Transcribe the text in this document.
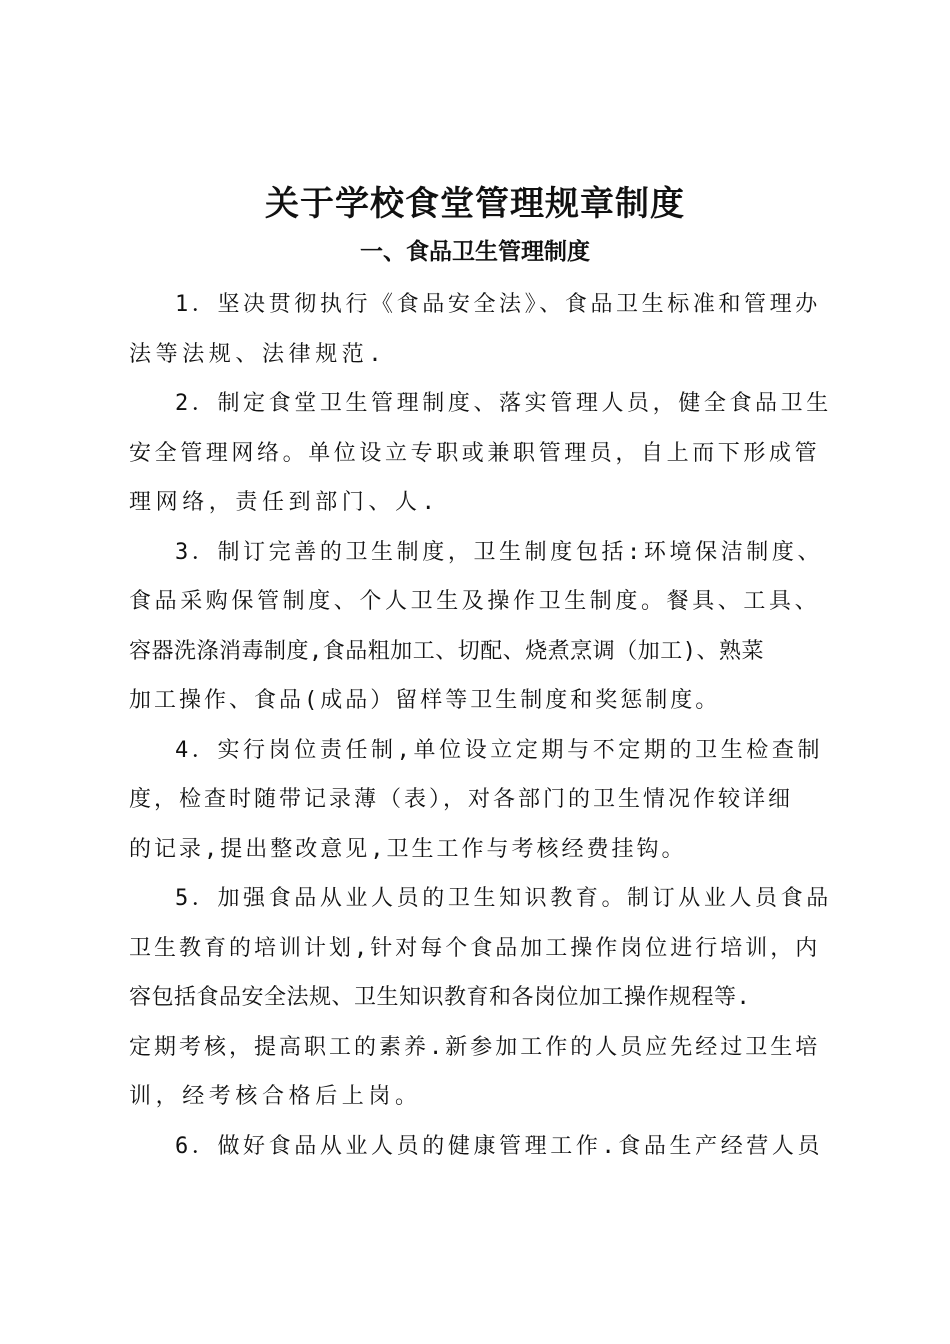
关于学校食堂管理规章制度
一、食品卫生管理制度

1．坚决贯彻执行《食品安全法》、食品卫生标准和管理办
法等法规、法律规范.

2．制定食堂卫生管理制度、落实管理人员，健全食品卫生
安全管理网络。单位设立专职或兼职管理员，自上而下形成管
理网络，责任到部门、人.

3．制订完善的卫生制度，卫生制度包括:环境保洁制度、
食品采购保管制度、个人卫生及操作卫生制度。餐具、工具、
容器洗涤消毒制度,食品粗加工、切配、烧煮烹调（加工)、熟菜
加工操作、食品(成品）留样等卫生制度和奖惩制度。

4．实行岗位责任制,单位设立定期与不定期的卫生检查制
度，检查时随带记录薄（表），对各部门的卫生情况作较详细
的记录,提出整改意见,卫生工作与考核经费挂钩。

5．加强食品从业人员的卫生知识教育。制订从业人员食品
卫生教育的培训计划,针对每个食品加工操作岗位进行培训，内
容包括食品安全法规、卫生知识教育和各岗位加工操作规程等.
定期考核，提高职工的素养.新参加工作的人员应先经过卫生培
训，经考核合格后上岗。

6．做好食品从业人员的健康管理工作.食品生产经营人员
